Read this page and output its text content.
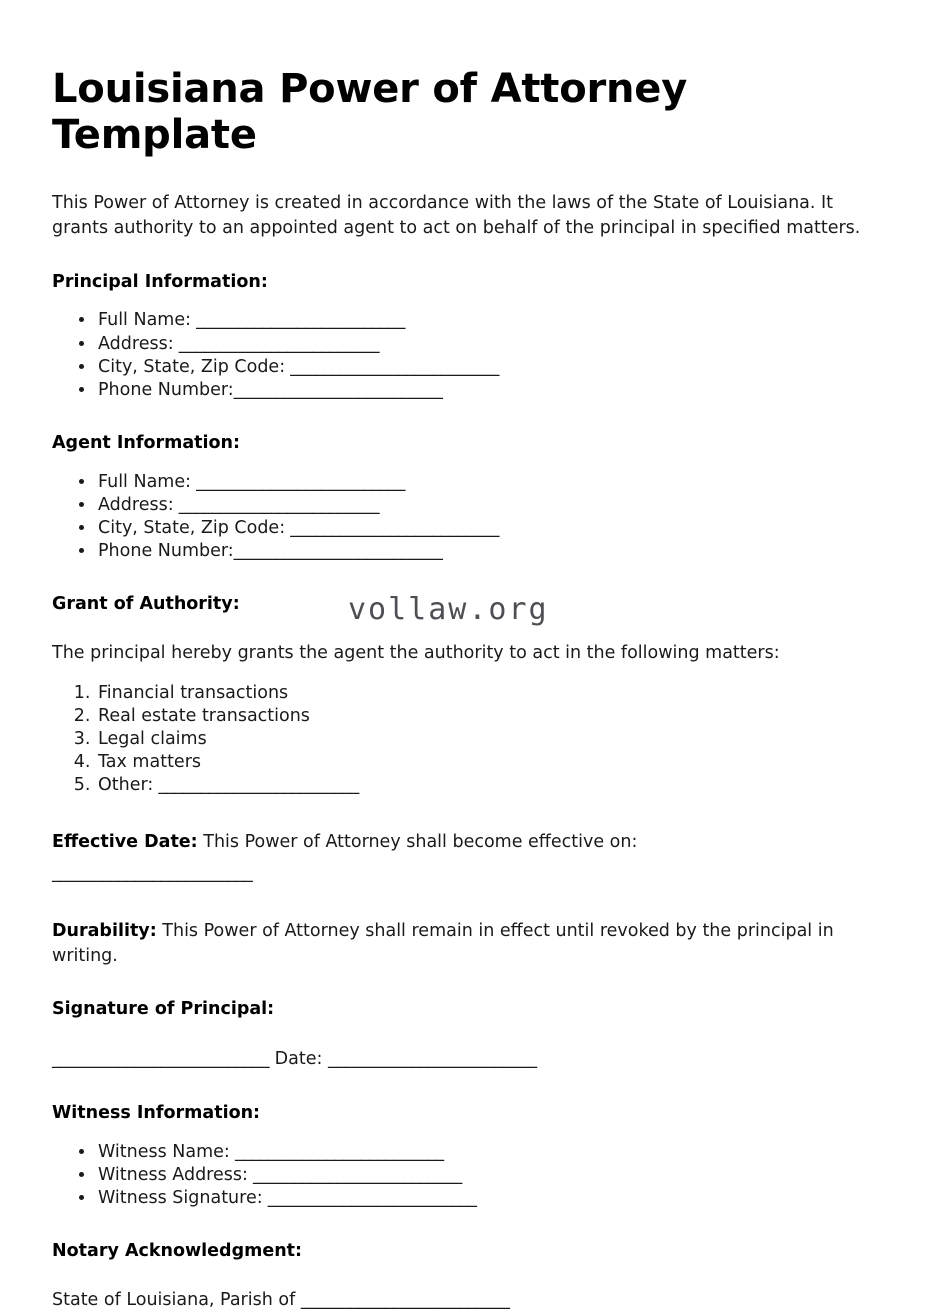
Louisiana Power of Attorney Template

This Power of Attorney is created in accordance with the laws of the State of Louisiana. It grants authority to an appointed agent to act on behalf of the principal in specified matters.

Principal Information:
• Full Name: _________________________
• Address: ________________________
• City, State, Zip Code: _________________________
• Phone Number:_________________________
Agent Information:
• Full Name: _________________________
• Address: ________________________
• City, State, Zip Code: _________________________
• Phone Number:_________________________
Grant of Authority:

The principal hereby grants the agent the authority to act in the following matters:

1. Financial transactions
2. Real estate transactions
3. Legal claims
4. Tax matters
5. Other: ________________________

Effective Date: This Power of Attorney shall become effective on:

________________________

Durability: This Power of Attorney shall remain in effect until revoked by the principal in writing.

Signature of Principal:

__________________________ Date: _________________________

Witness Information:
• Witness Name: _________________________
• Witness Address: _________________________
• Witness Signature: _________________________
Notary Acknowledgment:

State of Louisiana, Parish of _________________________

vollaw.org
